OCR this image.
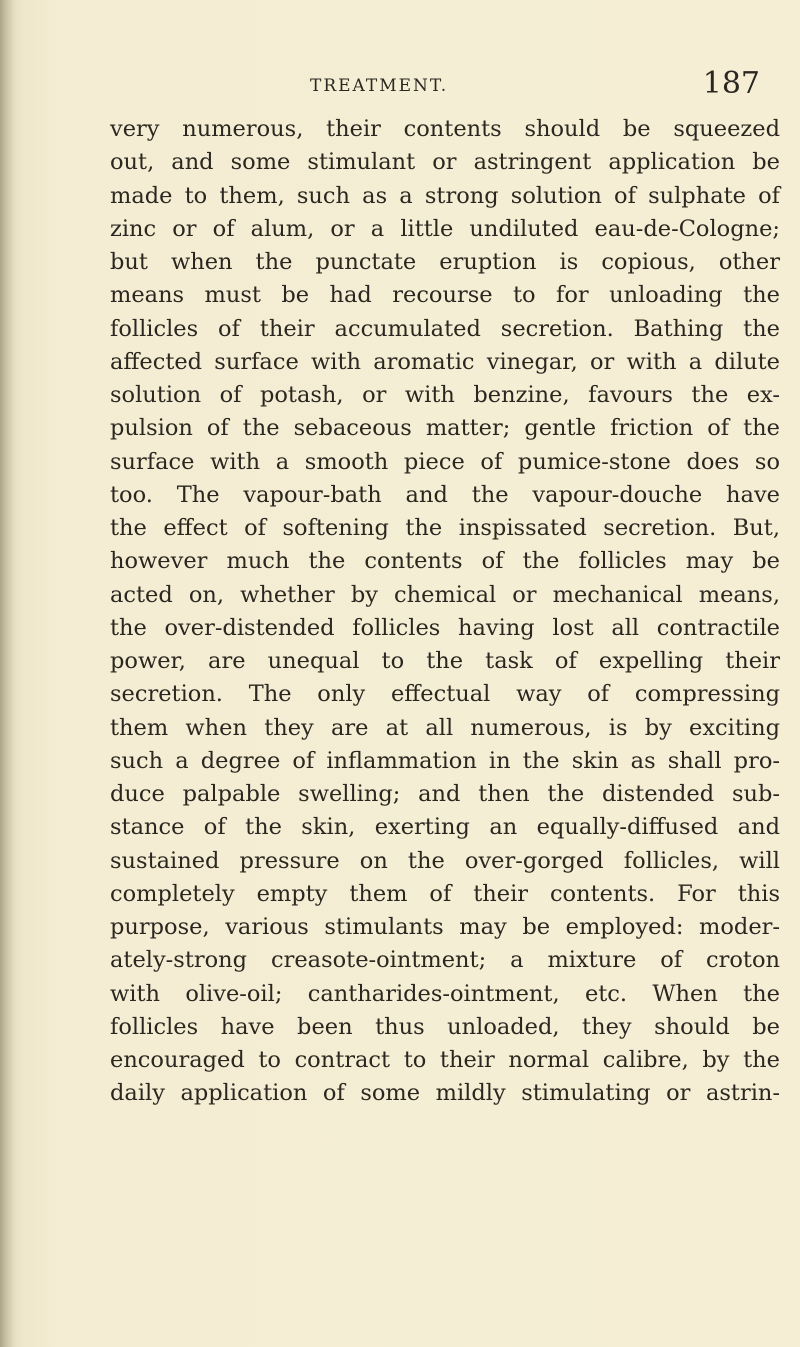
TREATMENT.	187
very numerous, their contents should be squeezed
out, and some stimulant or astringent application be
made to them, such as a strong solution of sulphate of
zinc or of alum, or a little undiluted eau-de-Cologne;
but when the punctate eruption is copious, other
means must be had recourse to for unloading the
follicles of their accumulated secretion. Bathing the
affected surface with aromatic vinegar, or with a dilute
solution of potash, or with benzine, favours the ex-
pulsion of the sebaceous matter; gentle friction of the
surface with a smooth piece of pumice-stone does so
too. The vapour-bath and the vapour-douche have
the effect of softening the inspissated secretion. But,
however much the contents of the follicles may be
acted on, whether by chemical or mechanical means,
the over-distended follicles having lost all contractile
power, are unequal to the task of expelling their
secretion. The only effectual way of compressing
them when they are at all numerous, is by exciting
such a degree of inflammation in the skin as shall pro-
duce palpable swelling; and then the distended sub-
stance of the skin, exerting an equally-diffused and
sustained pressure on the over-gorged follicles, will
completely empty them of their contents. For this
purpose, various stimulants may be employed: moder-
ately-strong creasote-ointment; a mixture of croton
with olive-oil; cantharides-ointment, etc. When the
follicles have been thus unloaded, they should be
encouraged to contract to their normal calibre, by the
daily application of some mildly stimulating or astrin-
